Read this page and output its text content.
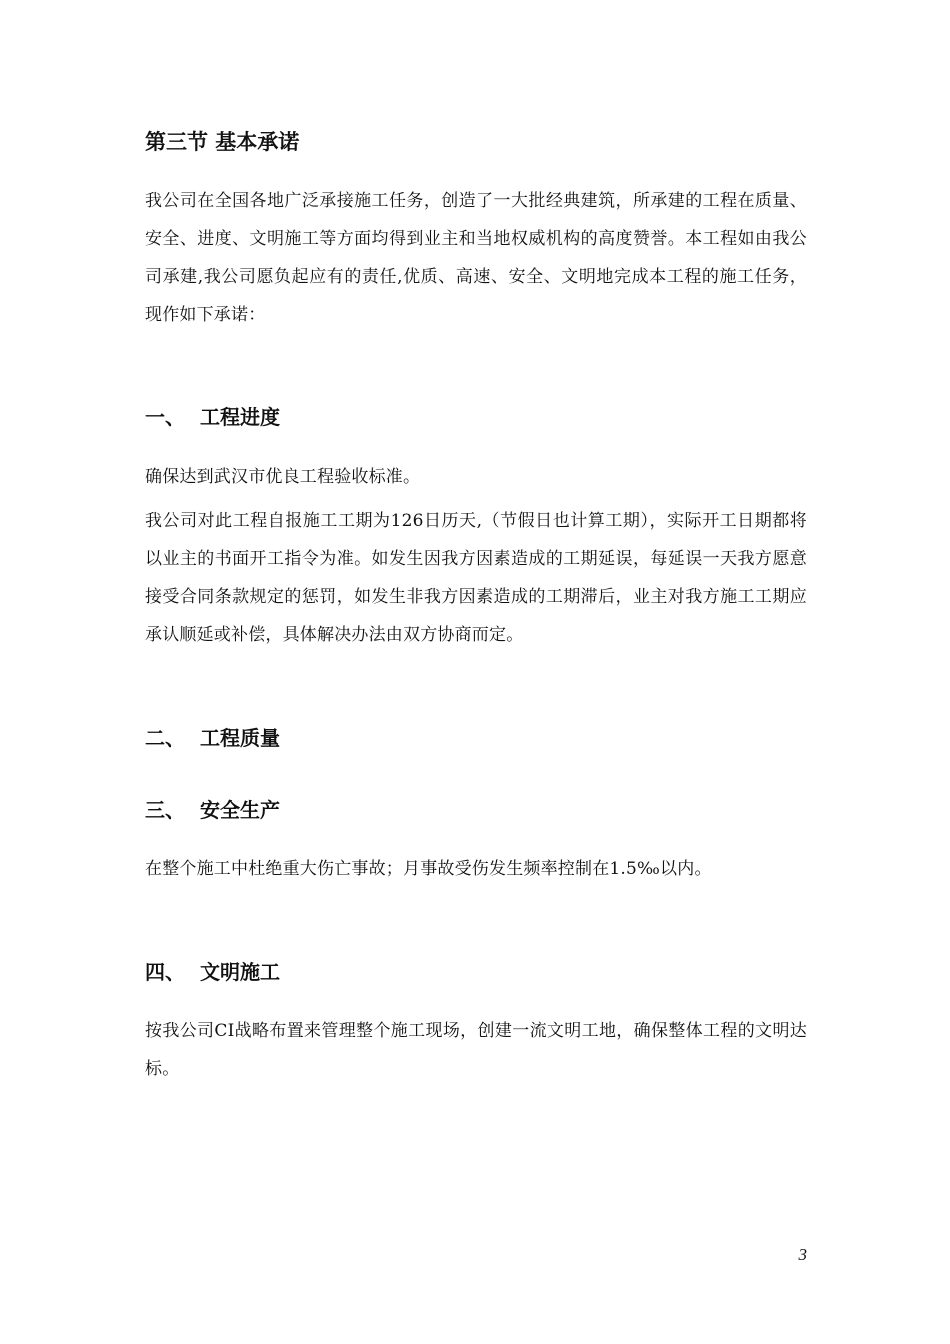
第三节 基本承诺

我公司在全国各地广泛承接施工任务，创造了一大批经典建筑，所承建的工程在质量、安全、进度、文明施工等方面均得到业主和当地权威机构的高度赞誉。本工程如由我公司承建,我公司愿负起应有的责任,优质、高速、安全、文明地完成本工程的施工任务，现作如下承诺：

一、 工程进度

确保达到武汉市优良工程验收标准。

我公司对此工程自报施工工期为126日历天,（节假日也计算工期），实际开工日期都将以业主的书面开工指令为准。如发生因我方因素造成的工期延误，每延误一天我方愿意接受合同条款规定的惩罚，如发生非我方因素造成的工期滞后，业主对我方施工工期应承认顺延或补偿，具体解决办法由双方协商而定。

二、 工程质量
三、 安全生产

在整个施工中杜绝重大伤亡事故；月事故受伤发生频率控制在1.5‰以内。

四、 文明施工

按我公司CI战略布置来管理整个施工现场，创建一流文明工地，确保整体工程的文明达标。

3
